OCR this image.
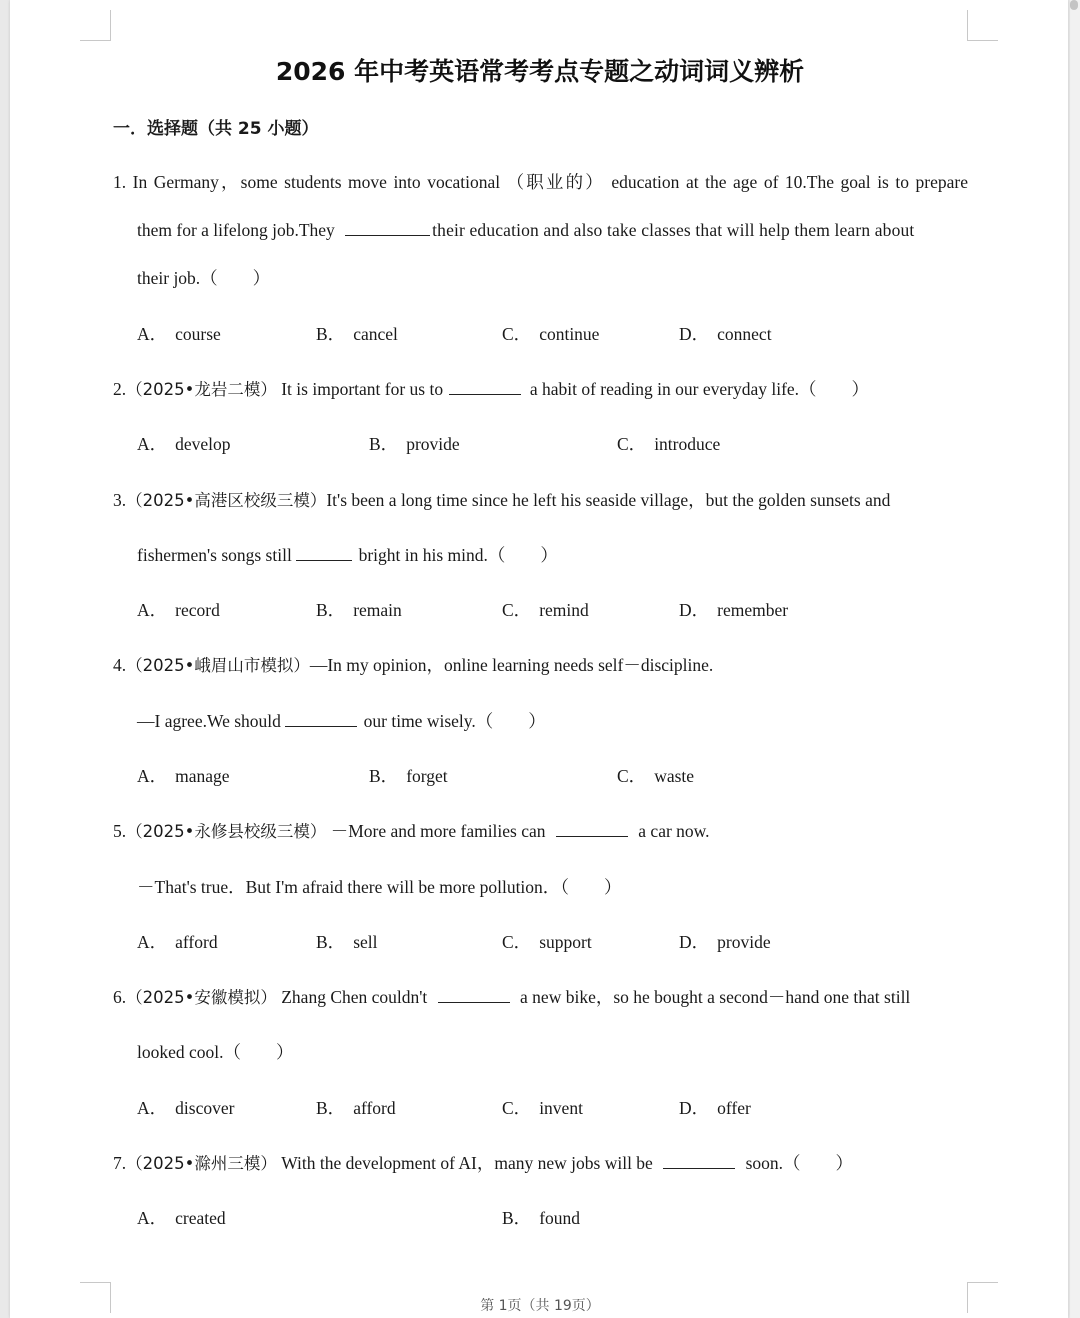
2026 年中考英语常考考点专题之动词词义辨析
一．选择题（共 25 小题）
1. In Germany，some students move into vocational （职业的） education at the age of 10.The goal is to prepare
them for a lifelong job.They	their education and also take classes that will help them learn about
their job.（　　）
A． course	B． cancel	C． continue	D． connect
2.（2025•龙岩二模） It is important for us to	a habit of reading in our everyday life.（　　）
A． develop	B． provide	C． introduce
3.（2025•高港区校级三模）It's been a long time since he left his seaside village，but the golden sunsets and
fishermen's songs still	bright in his mind.（　　）
A． record	B． remain	C． remind	D． remember
4.（2025•峨眉山市模拟）—In my opinion，online learning needs self－discipline.
—I agree.We should	our time wisely.（　　）
A． manage	B． forget	C． waste
5.（2025•永修县校级三模） －More and more families can	a car now.
－That's true．But I'm afraid there will be more pollution．（　　）
A． afford	B． sell	C． support	D． provide
6.（2025•安徽模拟） Zhang Chen couldn't	a new bike，so he bought a second－hand one that still
looked cool.（　　）
A． discover	B． afford	C． invent	D． offer
7.（2025•滁州三模） With the development of AI，many new jobs will be	soon.（　　）
A． created	B． found
第 1页（共 19页）
